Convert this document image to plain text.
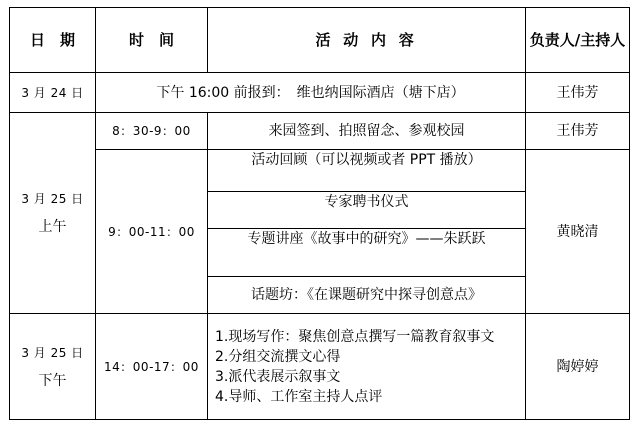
日　期	时　间	活 动 内 容	负责人/主持人
3 月 24 日	下午 16:00 前报到：　维也纳国际酒店（塘下店）		王伟芳

3 月 25 日
上午	8：30-9：00	来园签到、拍照留念、参观校园	王伟芳
	9：00-11：00	活动回顾（可以视频或者 PPT 播放）	黄晓清
		专家聘书仪式	
		专题讲座《故事中的研究》——朱跃跃	
		话题坊：《在课题研究中探寻创意点》	

3 月 25 日
下午	14：00-17：00	1.现场写作：聚焦创意点撰写一篇教育叙事文
2.分组交流撰文心得
3.派代表展示叙事文
4.导师、工作室主持人点评	陶婷婷
